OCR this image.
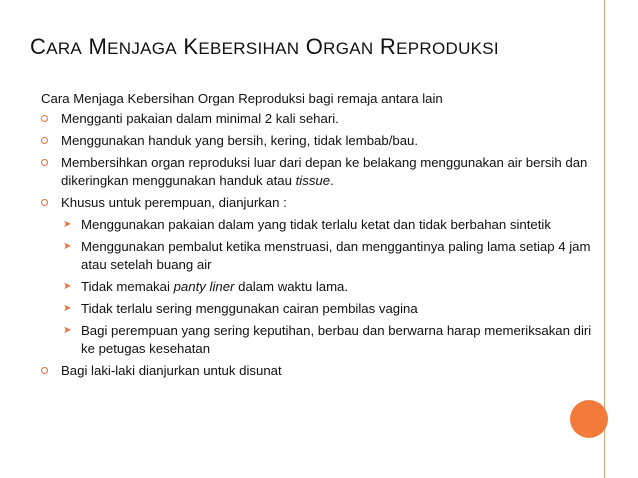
CARA MENJAGA KEBERSIHAN ORGAN REPRODUKSI

Cara Menjaga Kebersihan Organ Reproduksi bagi remaja antara lain

Mengganti pakaian dalam minimal 2 kali sehari.
Menggunakan handuk yang bersih, kering, tidak lembab/bau.
Membersihkan organ reproduksi luar dari depan ke belakang menggunakan air bersih dan dikeringkan menggunakan handuk atau tissue.
Khusus untuk perempuan, dianjurkan :
➤ Menggunakan pakaian dalam yang tidak terlalu ketat dan tidak berbahan sintetik
➤ Menggunakan pembalut ketika menstruasi, dan menggantinya paling lama setiap 4 jam atau setelah buang air
➤ Tidak memakai panty liner dalam waktu lama.
➤ Tidak terlalu sering menggunakan cairan pembilas vagina
➤ Bagi perempuan yang sering keputihan, berbau dan berwarna harap memeriksakan diri ke petugas kesehatan
Bagi laki-laki dianjurkan untuk disunat
